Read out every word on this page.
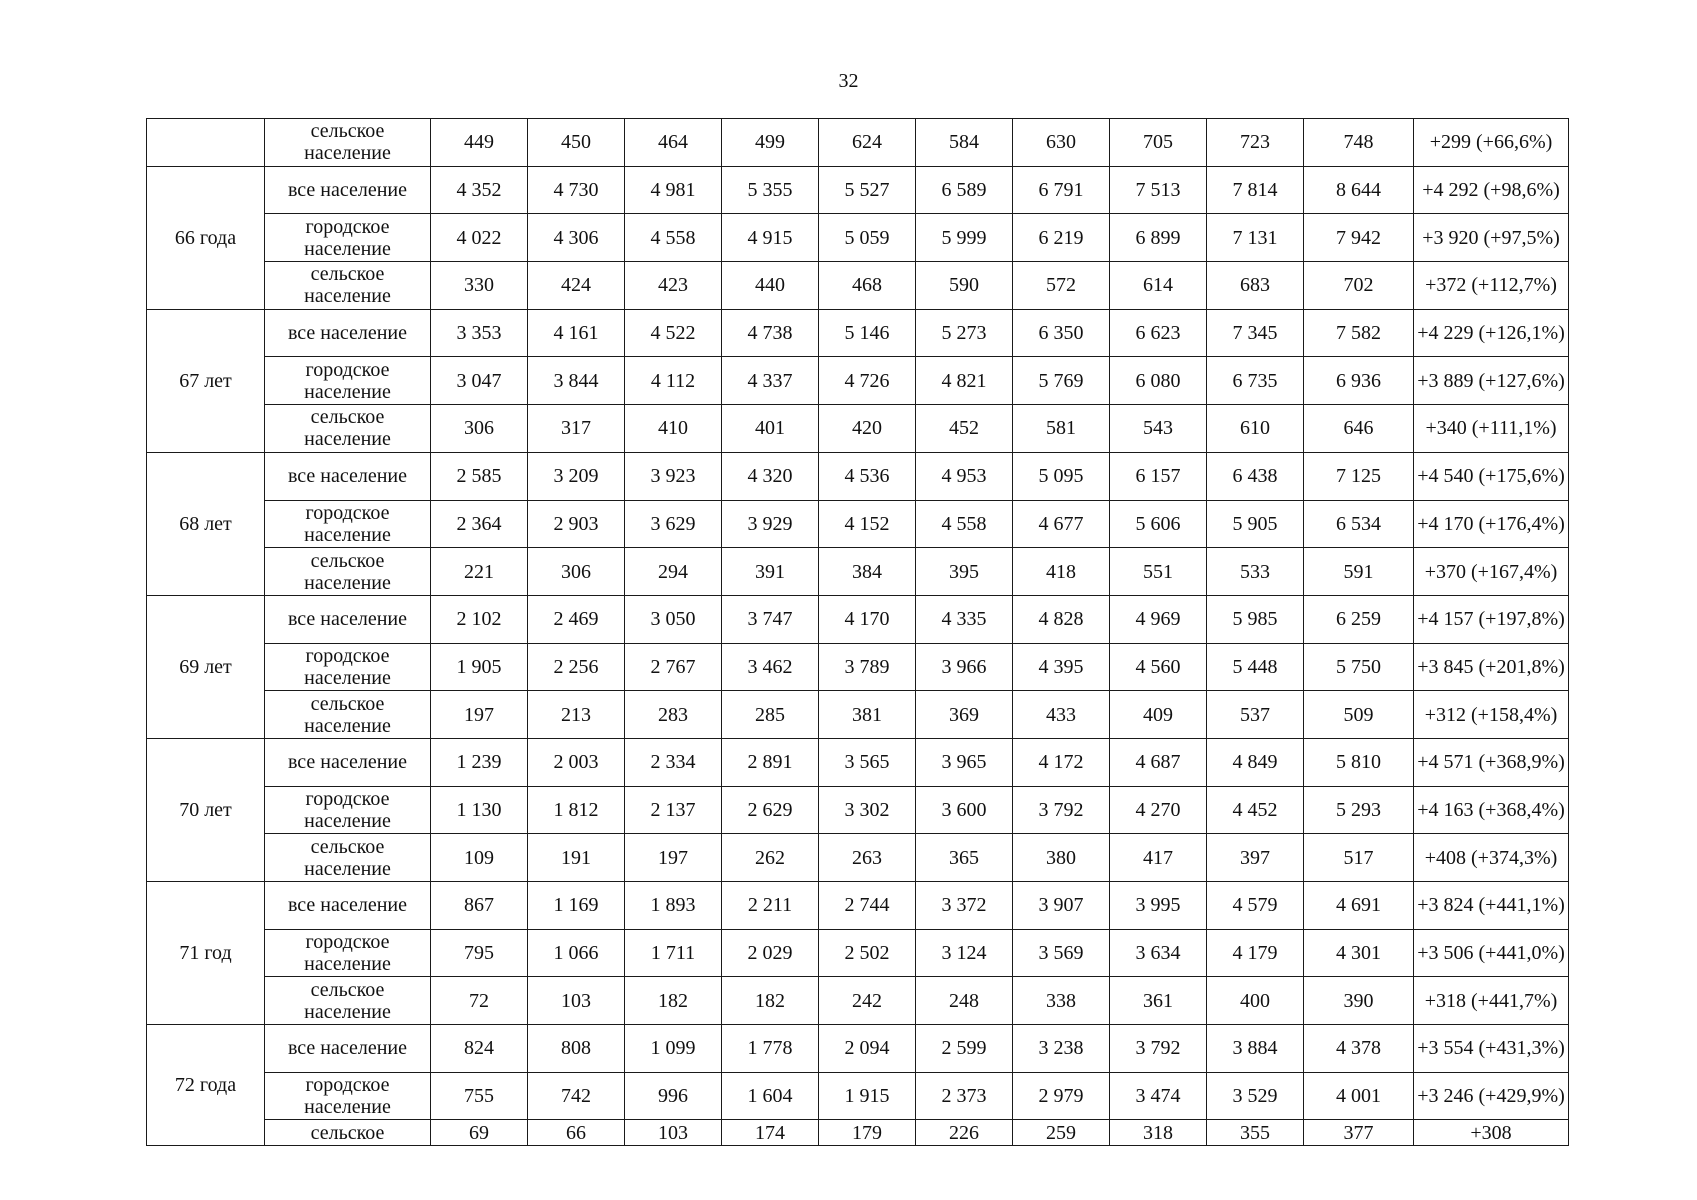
32
	сельское население	449	450	464	499	624	584	630	705	723	748	+299 (+66,6%)
66 года	все население	4 352	4 730	4 981	5 355	5 527	6 589	6 791	7 513	7 814	8 644	+4 292 (+98,6%)
	городское население	4 022	4 306	4 558	4 915	5 059	5 999	6 219	6 899	7 131	7 942	+3 920 (+97,5%)
	сельское население	330	424	423	440	468	590	572	614	683	702	+372 (+112,7%)
67 лет	все население	3 353	4 161	4 522	4 738	5 146	5 273	6 350	6 623	7 345	7 582	+4 229 (+126,1%)
	городское население	3 047	3 844	4 112	4 337	4 726	4 821	5 769	6 080	6 735	6 936	+3 889 (+127,6%)
	сельское население	306	317	410	401	420	452	581	543	610	646	+340 (+111,1%)
68 лет	все население	2 585	3 209	3 923	4 320	4 536	4 953	5 095	6 157	6 438	7 125	+4 540 (+175,6%)
	городское население	2 364	2 903	3 629	3 929	4 152	4 558	4 677	5 606	5 905	6 534	+4 170 (+176,4%)
	сельское население	221	306	294	391	384	395	418	551	533	591	+370 (+167,4%)
69 лет	все население	2 102	2 469	3 050	3 747	4 170	4 335	4 828	4 969	5 985	6 259	+4 157 (+197,8%)
	городское население	1 905	2 256	2 767	3 462	3 789	3 966	4 395	4 560	5 448	5 750	+3 845 (+201,8%)
	сельское население	197	213	283	285	381	369	433	409	537	509	+312 (+158,4%)
70 лет	все население	1 239	2 003	2 334	2 891	3 565	3 965	4 172	4 687	4 849	5 810	+4 571 (+368,9%)
	городское население	1 130	1 812	2 137	2 629	3 302	3 600	3 792	4 270	4 452	5 293	+4 163 (+368,4%)
	сельское население	109	191	197	262	263	365	380	417	397	517	+408 (+374,3%)
71 год	все население	867	1 169	1 893	2 211	2 744	3 372	3 907	3 995	4 579	4 691	+3 824 (+441,1%)
	городское население	795	1 066	1 711	2 029	2 502	3 124	3 569	3 634	4 179	4 301	+3 506 (+441,0%)
	сельское население	72	103	182	182	242	248	338	361	400	390	+318 (+441,7%)
72 года	все население	824	808	1 099	1 778	2 094	2 599	3 238	3 792	3 884	4 378	+3 554 (+431,3%)
	городское население	755	742	996	1 604	1 915	2 373	2 979	3 474	3 529	4 001	+3 246 (+429,9%)
	сельское	69	66	103	174	179	226	259	318	355	377	+308
